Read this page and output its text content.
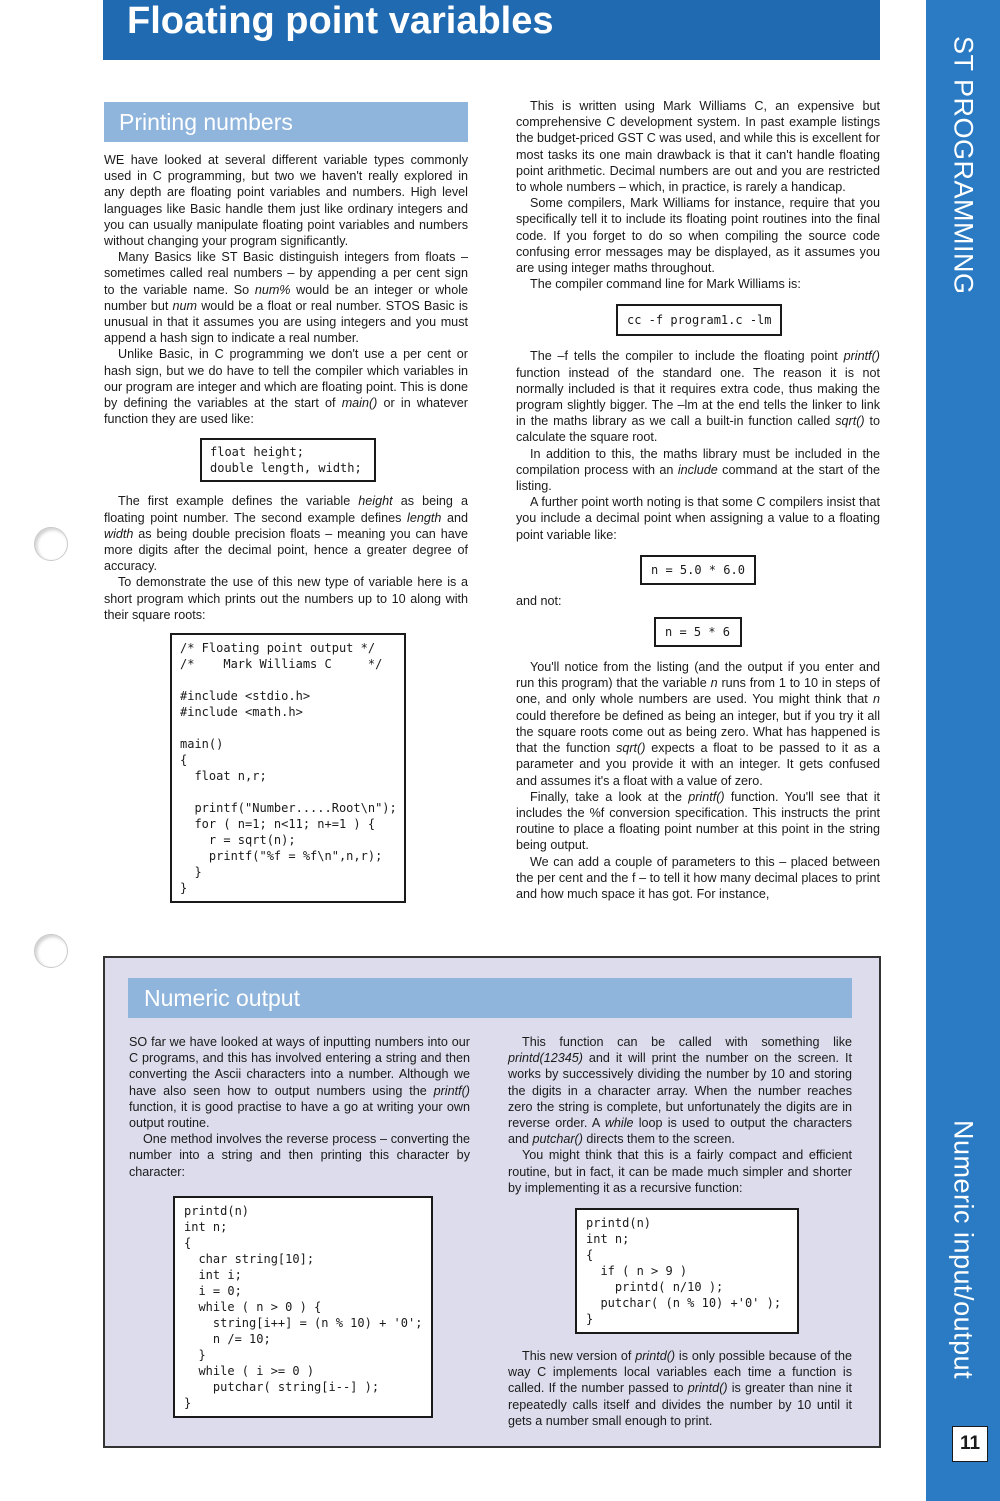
Floating point variables
ST PROGRAMMING
Numeric input/output
11
Printing numbers

WE have looked at several different variable types commonly used in C programming, but two we haven't really explored in any depth are floating point variables and numbers. High level languages like Basic handle them just like ordinary integers and you can usually manipulate floating point variables and numbers without changing your program significantly.

Many Basics like ST Basic distinguish integers from floats – sometimes called real numbers – by appending a per cent sign to the variable name. So num% would be an integer or whole number but num would be a float or real number. STOS Basic is unusual in that it assumes you are using integers and you must append a hash sign to indicate a real number.

Unlike Basic, in C programming we don't use a per cent or hash sign, but we do have to tell the compiler which variables in our program are integer and which are floating point. This is done by defining the variables at the start of main() or in whatever function they are used like:

float height;
double length, width;

The first example defines the variable height as being a floating point number. The second example defines length and width as being double precision floats – meaning you can have more digits after the decimal point, hence a greater degree of accuracy.

To demonstrate the use of this new type of variable here is a short program which prints out the numbers up to 10 along with their square roots:

/* Floating point output */
/*    Mark Williams C     */

#include <stdio.h>
#include <math.h>

main()
{
float n,r;

printf("Number.....Root\n");
for ( n=1; n<11; n+=1 ) {
r = sqrt(n);
printf("%f = %f\n",n,r);
}
}

This is written using Mark Williams C, an expensive but comprehensive C development system. In past example listings the budget-priced GST C was used, and while this is excellent for most tasks its one main drawback is that it can't handle floating point arithmetic. Decimal numbers are out and you are restricted to whole numbers – which, in practice, is rarely a handicap.

Some compilers, Mark Williams for instance, require that you specifically tell it to include its floating point routines into the final code. If you forget to do so when compiling the source code confusing error messages may be displayed, as it assumes you are using integer maths throughout.

The compiler command line for Mark Williams is:

cc -f program1.c -lm

The –f tells the compiler to include the floating point printf() function instead of the standard one. The reason it is not normally included is that it requires extra code, thus making the program slightly bigger. The –lm at the end tells the linker to link in the maths library as we call a built-in function called sqrt() to calculate the square root.

In addition to this, the maths library must be included in the compilation process with an include command at the start of the listing.

A further point worth noting is that some C compilers insist that you include a decimal point when assigning a value to a floating point variable like:

n = 5.0 * 6.0

and not:

n = 5 * 6

You'll notice from the listing (and the output if you enter and run this program) that the variable n runs from 1 to 10 in steps of one, and only whole numbers are used. You might think that n could therefore be defined as being an integer, but if you try it all the square roots come out as being zero. What has happened is that the function sqrt() expects a float to be passed to it as a parameter and you provide it with an integer. It gets confused and assumes it's a float with a value of zero.

Finally, take a look at the printf() function. You'll see that it includes the %f conversion specification. This instructs the print routine to place a floating point number at this point in the string being output.

We can add a couple of parameters to this – placed between the per cent and the f – to tell it how many decimal places to print and how much space it has got. For instance,

Numeric output

SO far we have looked at ways of inputting numbers into our C programs, and this has involved entering a string and then converting the Ascii characters into a number. Although we have also seen how to output numbers using the printf() function, it is good practise to have a go at writing your own output routine.

One method involves the reverse process – converting the number into a string and then printing this character by character:

printd(n)
int n;
{
char string[10];
int i;
i = 0;
while ( n > 0 ) {
string[i++] = (n % 10) + '0';
n /= 10;
}
while ( i >= 0 )
putchar( string[i--] );
}

This function can be called with something like printd(12345) and it will print the number on the screen. It works by successively dividing the number by 10 and storing the digits in a character array. When the number reaches zero the string is complete, but unfortunately the digits are in reverse order. A while loop is used to output the characters and putchar() directs them to the screen.

You might think that this is a fairly compact and efficient routine, but in fact, it can be made much simpler and shorter by implementing it as a recursive function:

printd(n)
int n;
{
if ( n > 9 )
printd( n/10 );
putchar( (n % 10) +'0' );
}

This new version of printd() is only possible because of the way C implements local variables each time a function is called. If the number passed to printd() is greater than nine it repeatedly calls itself and divides the number by 10 until it gets a number small enough to print.
